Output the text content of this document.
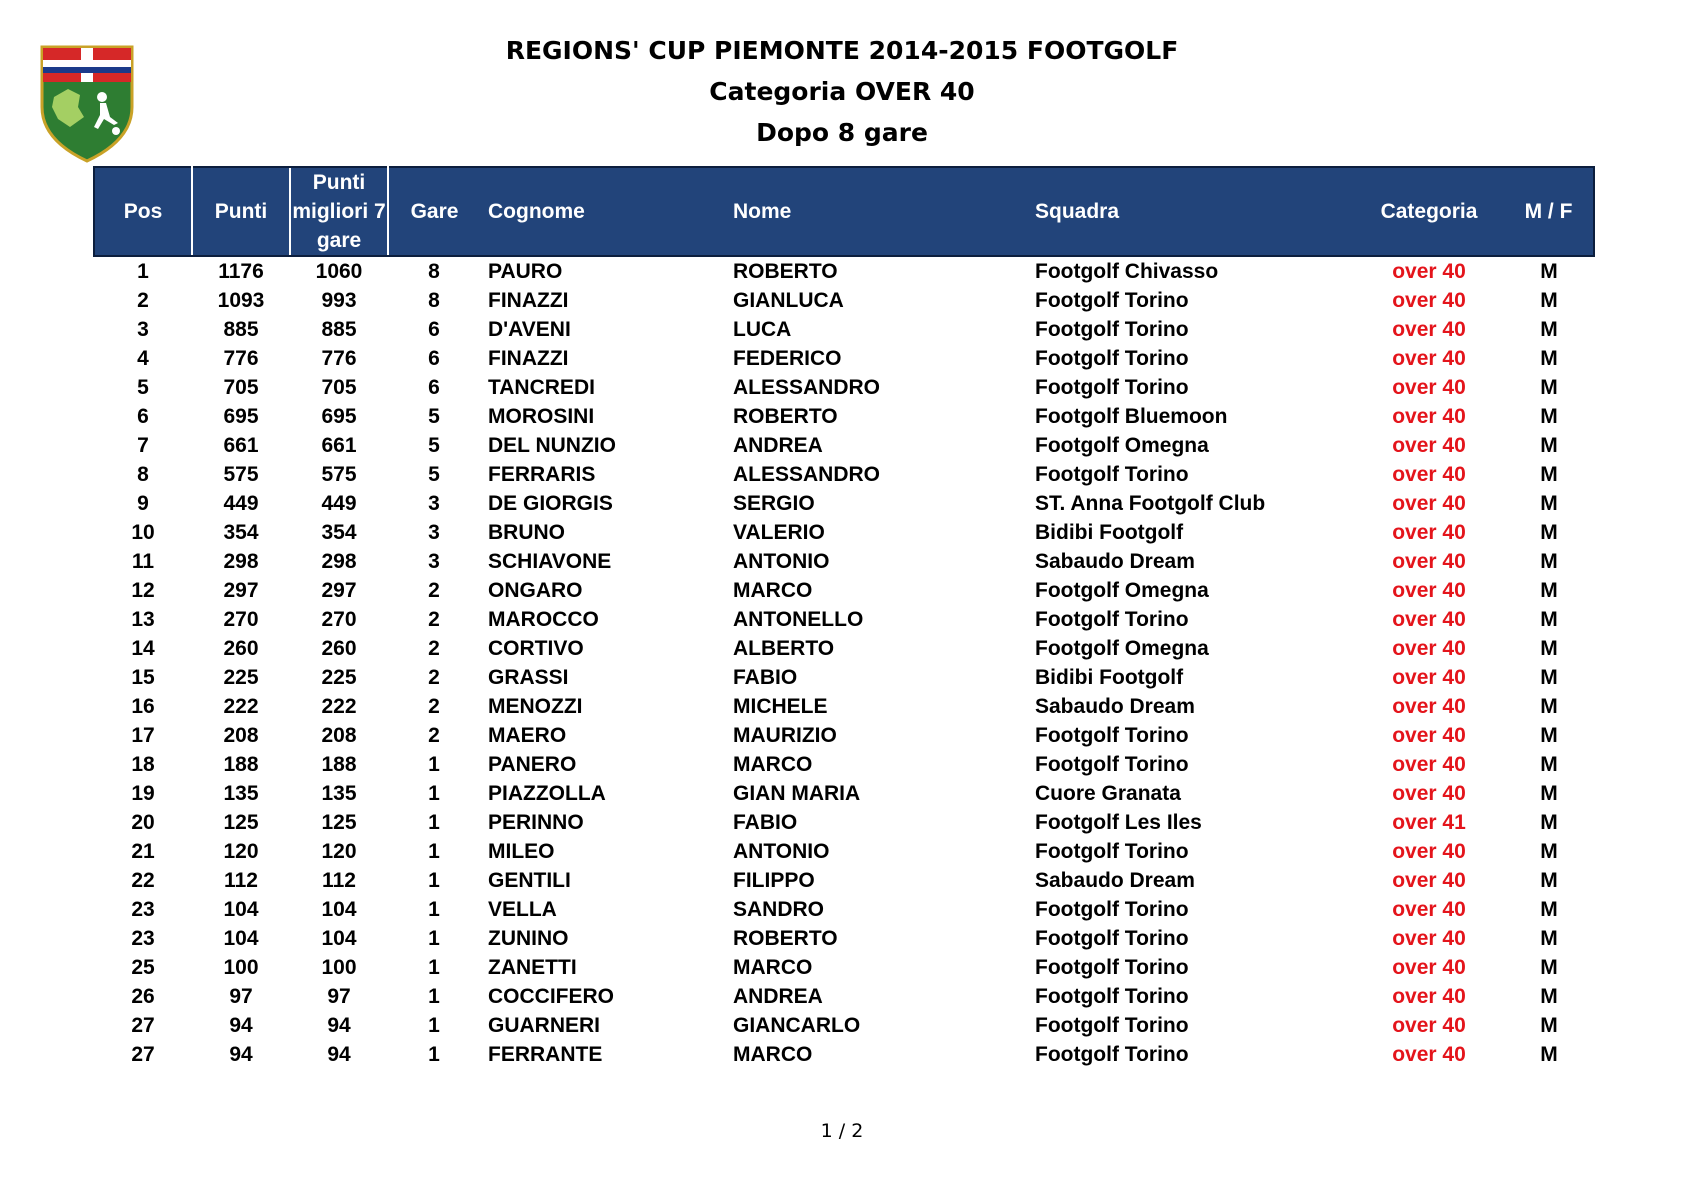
REGIONS' CUP PIEMONTE 2014-2015 FOOTGOLF
Categoria OVER 40
Dopo 8 gare
Pos	Punti	Punti migliori 7 gare	Gare	Cognome	Nome	Squadra	Categoria	M / F
1	1176	1060	8	PAURO	ROBERTO	Footgolf Chivasso	over 40	M
2	1093	993	8	FINAZZI	GIANLUCA	Footgolf Torino	over 40	M
3	885	885	6	D'AVENI	LUCA	Footgolf Torino	over 40	M
4	776	776	6	FINAZZI	FEDERICO	Footgolf Torino	over 40	M
5	705	705	6	TANCREDI	ALESSANDRO	Footgolf Torino	over 40	M
6	695	695	5	MOROSINI	ROBERTO	Footgolf Bluemoon	over 40	M
7	661	661	5	DEL NUNZIO	ANDREA	Footgolf Omegna	over 40	M
8	575	575	5	FERRARIS	ALESSANDRO	Footgolf Torino	over 40	M
9	449	449	3	DE GIORGIS	SERGIO	ST. Anna Footgolf Club	over 40	M
10	354	354	3	BRUNO	VALERIO	Bidibi Footgolf	over 40	M
11	298	298	3	SCHIAVONE	ANTONIO	Sabaudo Dream	over 40	M
12	297	297	2	ONGARO	MARCO	Footgolf Omegna	over 40	M
13	270	270	2	MAROCCO	ANTONELLO	Footgolf Torino	over 40	M
14	260	260	2	CORTIVO	ALBERTO	Footgolf Omegna	over 40	M
15	225	225	2	GRASSI	FABIO	Bidibi Footgolf	over 40	M
16	222	222	2	MENOZZI	MICHELE	Sabaudo Dream	over 40	M
17	208	208	2	MAERO	MAURIZIO	Footgolf Torino	over 40	M
18	188	188	1	PANERO	MARCO	Footgolf Torino	over 40	M
19	135	135	1	PIAZZOLLA	GIAN MARIA	Cuore Granata	over 40	M
20	125	125	1	PERINNO	FABIO	Footgolf Les Iles	over 41	M
21	120	120	1	MILEO	ANTONIO	Footgolf Torino	over 40	M
22	112	112	1	GENTILI	FILIPPO	Sabaudo Dream	over 40	M
23	104	104	1	VELLA	SANDRO	Footgolf Torino	over 40	M
23	104	104	1	ZUNINO	ROBERTO	Footgolf Torino	over 40	M
25	100	100	1	ZANETTI	MARCO	Footgolf Torino	over 40	M
26	97	97	1	COCCIFERO	ANDREA	Footgolf Torino	over 40	M
27	94	94	1	GUARNERI	GIANCARLO	Footgolf Torino	over 40	M
27	94	94	1	FERRANTE	MARCO	Footgolf Torino	over 40	M
1 / 2
